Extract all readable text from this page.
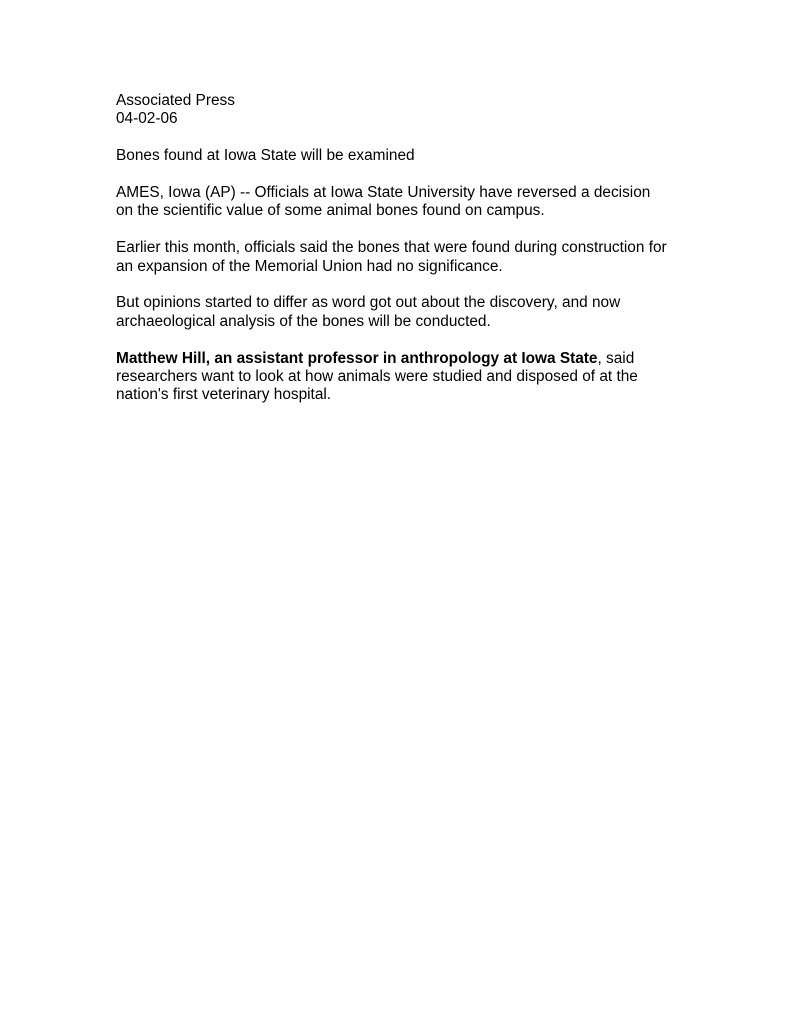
Associated Press
04-02-06
Bones found at Iowa State will be examined
AMES, Iowa (AP) -- Officials at Iowa State University have reversed a decision
on the scientific value of some animal bones found on campus.
Earlier this month, officials said the bones that were found during construction for
an expansion of the Memorial Union had no significance.
But opinions started to differ as word got out about the discovery, and now
archaeological analysis of the bones will be conducted.
Matthew Hill, an assistant professor in anthropology at Iowa State, said
researchers want to look at how animals were studied and disposed of at the
nation's first veterinary hospital.
